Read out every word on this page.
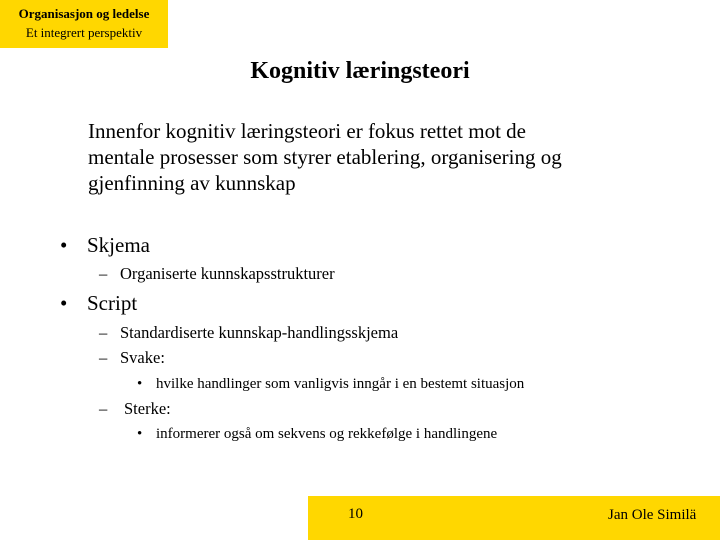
Organisasjon og ledelse
Et integrert perspektiv
Kognitiv læringsteori
Innenfor kognitiv læringsteori er fokus rettet mot de
mentale prosesser som styrer etablering, organisering og
gjenfinning av kunnskap
• Skjema
– Organiserte kunnskapsstrukturer
• Script
– Standardiserte kunnskap-handlingsskjema
– Svake:
• hvilke handlinger som vanligvis inngår i en bestemt situasjon
– Sterke:
• informerer også om sekvens og rekkefølge i handlingene
10	Jan Ole Similä
